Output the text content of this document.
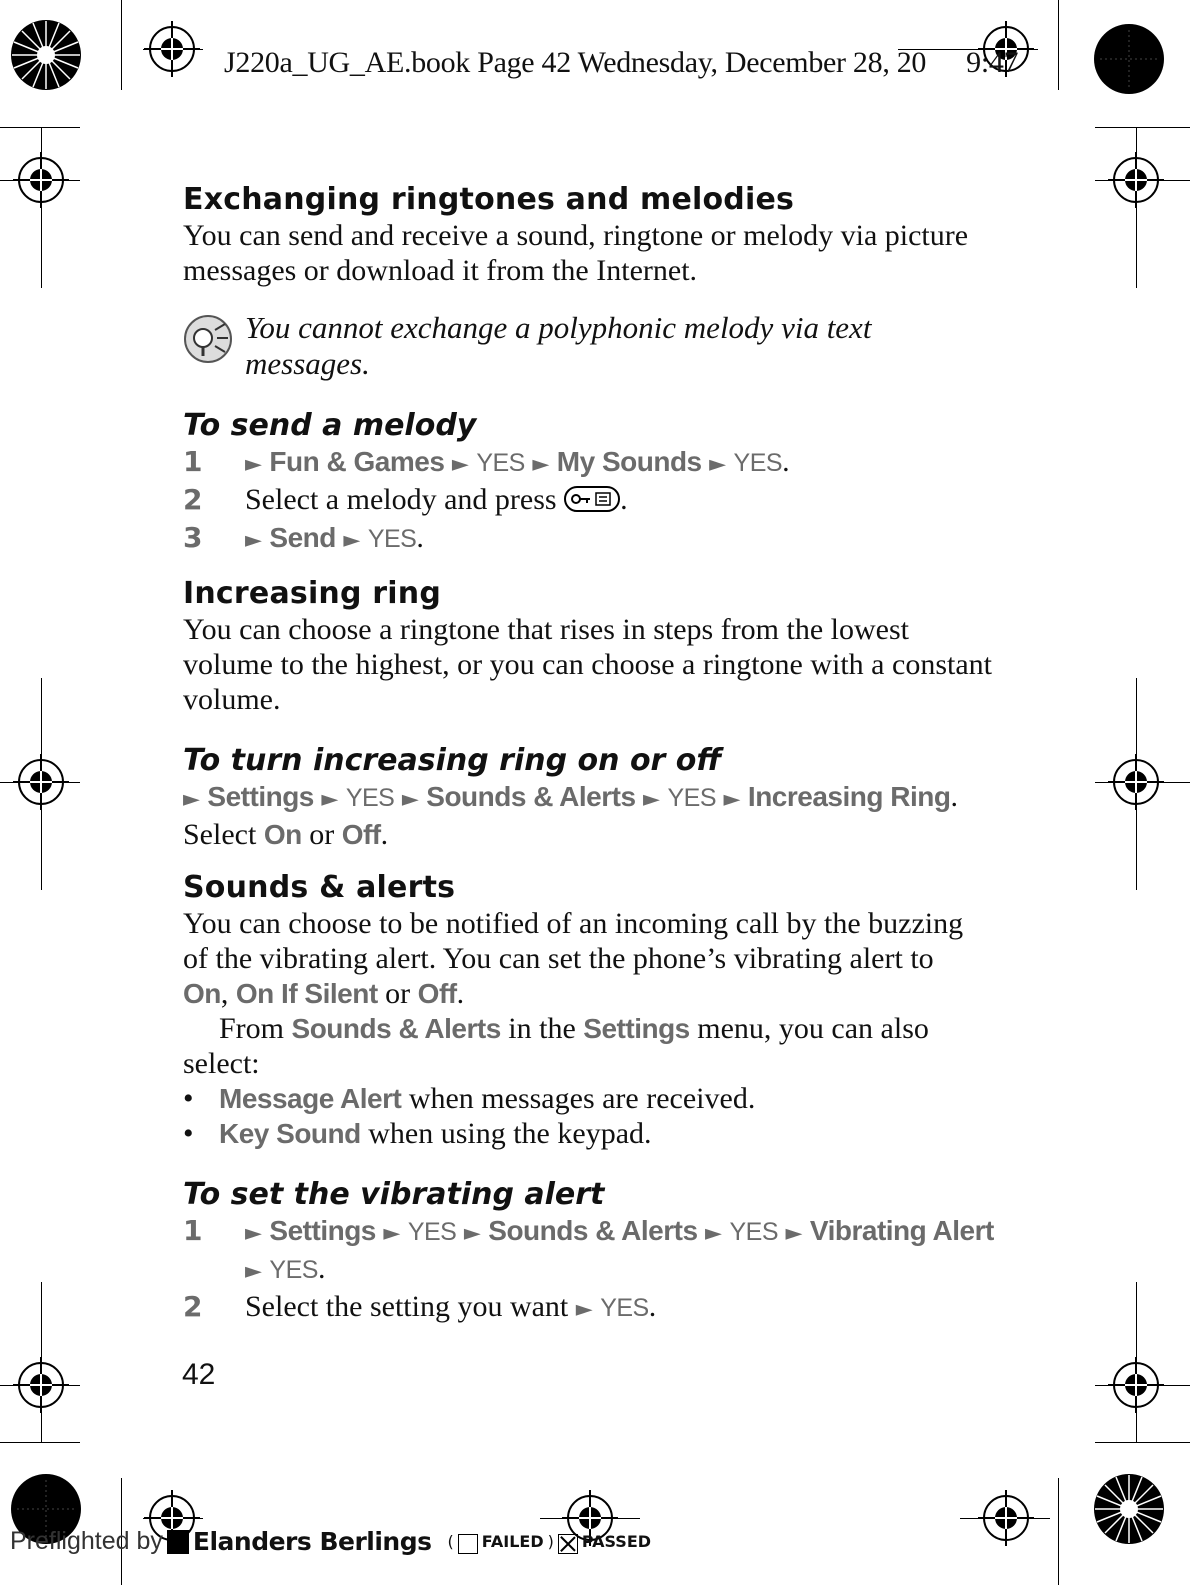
J220a_UG_AE.book Page 42 Wednesday, December 28, 20 9:47
Exchanging ringtones and melodies

You can send and receive a sound, ringtone or melody via picture messages or download it from the Internet.

You cannot exchange a polyphonic melody via text messages.

To send a melody
1	► Fun & Games ► YES ► My Sounds ► YES.
2	Select a melody and press .
3	► Send ► YES.
Increasing ring

You can choose a ringtone that rises in steps from the lowest volume to the highest, or you can choose a ringtone with a constant volume.

To turn increasing ring on or off

► Settings ► YES ► Sounds & Alerts ► YES ► Increasing Ring.

Select On or Off.

Sounds & alerts

You can choose to be notified of an incoming call by the buzzing of the vibrating alert. You can set the phone’s vibrating alert to On, On If Silent or Off.

From Sounds & Alerts in the Settings menu, you can also select:

• Message Alert when messages are received.
• Key Sound when using the keypad.
To set the vibrating alert
1	► Settings ► YES ► Sounds & Alerts ► YES ► Vibrating Alert
► YES.
2	Select the setting you want ► YES.
42
Preflighted by Elanders Berlings ( FAILED ) PASSED
